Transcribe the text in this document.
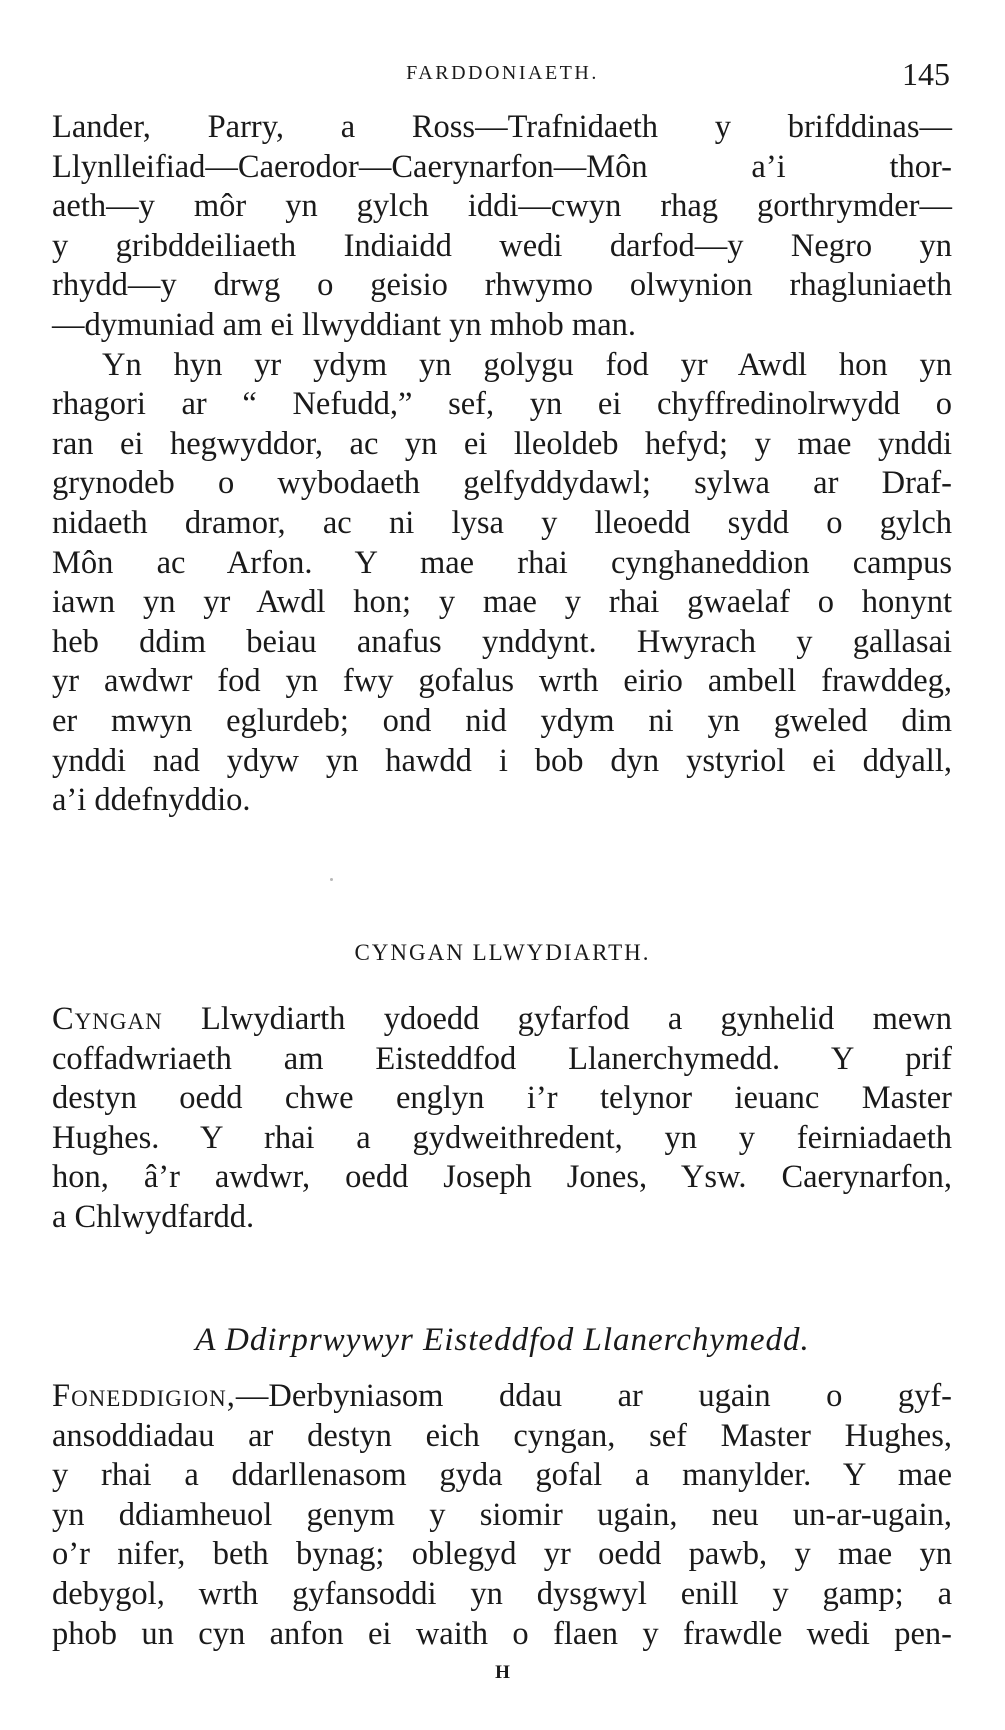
FARDDONIAETH.	145
Lander, Parry, a Ross—Trafnidaeth y brifddinas—
Llynlleifiad—Caerodor—Caerynarfon—Môn a’i thor-
aeth—y môr yn gylch iddi—cwyn rhag gorthrymder—
y gribddeiliaeth Indiaidd wedi darfod—y Negro yn
rhydd—y drwg o geisio rhwymo olwynion rhagluniaeth
—dymuniad am ei llwyddiant yn mhob man.
Yn hyn yr ydym yn golygu fod yr Awdl hon yn
rhagori ar “ Nefudd,” sef, yn ei chyffredinolrwydd o
ran ei hegwyddor, ac yn ei lleoldeb hefyd; y mae ynddi
grynodeb o wybodaeth gelfyddydawl; sylwa ar Draf-
nidaeth dramor, ac ni lysa y lleoedd sydd o gylch
Môn ac Arfon. Y mae rhai cynghaneddion campus
iawn yn yr Awdl hon; y mae y rhai gwaelaf o honynt
heb ddim beiau anafus ynddynt. Hwyrach y gallasai
yr awdwr fod yn fwy gofalus wrth eirio ambell frawddeg,
er mwyn eglurdeb; ond nid ydym ni yn gweled dim
ynddi nad ydyw yn hawdd i bob dyn ystyriol ei ddyall,
a’i ddefnyddio.
CYNGAN LLWYDIARTH.
Cyngan Llwydiarth ydoedd gyfarfod a gynhelid mewn
coffadwriaeth am Eisteddfod Llanerchymedd. Y prif
destyn oedd chwe englyn i’r telynor ieuanc Master
Hughes. Y rhai a gydweithredent, yn y feirniadaeth
hon, â’r awdwr, oedd Joseph Jones, Ysw. Caerynarfon,
a Chlwydfardd.
A Ddirprwywyr Eisteddfod Llanerchymedd.
Foneddigion,—Derbyniasom ddau ar ugain o gyf-
ansoddiadau ar destyn eich cyngan, sef Master Hughes,
y rhai a ddarllenasom gyda gofal a manylder. Y mae
yn ddiamheuol genym y siomir ugain, neu un-ar-ugain,
o’r nifer, beth bynag; oblegyd yr oedd pawb, y mae yn
debygol, wrth gyfansoddi yn dysgwyl enill y gamp; a
phob un cyn anfon ei waith o flaen y frawdle wedi pen-
H
